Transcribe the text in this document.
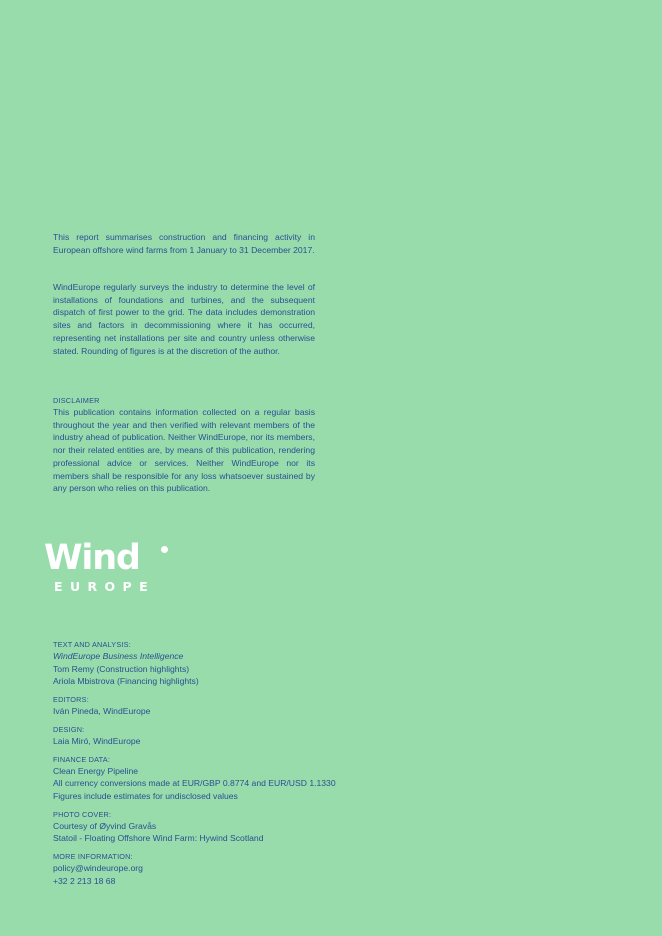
This report summarises construction and financing activity in European offshore wind farms from 1 January to 31 December 2017.
WindEurope regularly surveys the industry to determine the level of installations of foundations and turbines, and the subsequent dispatch of first power to the grid. The data includes demonstration sites and factors in decommissioning where it has occurred, representing net installations per site and country unless otherwise stated. Rounding of figures is at the discretion of the author.
DISCLAIMER
This publication contains information collected on a regular basis throughout the year and then verified with relevant members of the industry ahead of publication. Neither WindEurope, nor its members, nor their related entities are, by means of this publication, rendering professional advice or services. Neither WindEurope nor its members shall be responsible for any loss whatsoever sustained by any person who relies on this publication.
Wind
EUROPE
TEXT AND ANALYSIS:
WindEurope Business Intelligence
Tom Remy (Construction highlights)
Ariola Mbistrova (Financing highlights)
EDITORS:
Iván Pineda, WindEurope
DESIGN:
Laia Miró, WindEurope
FINANCE DATA:
Clean Energy Pipeline
All currency conversions made at EUR/GBP 0.8774 and EUR/USD 1.1330
Figures include estimates for undisclosed values
PHOTO COVER:
Courtesy of Øyvind Gravås
Statoil - Floating Offshore Wind Farm: Hywind Scotland
MORE INFORMATION:
policy@windeurope.org
+32 2 213 18 68
